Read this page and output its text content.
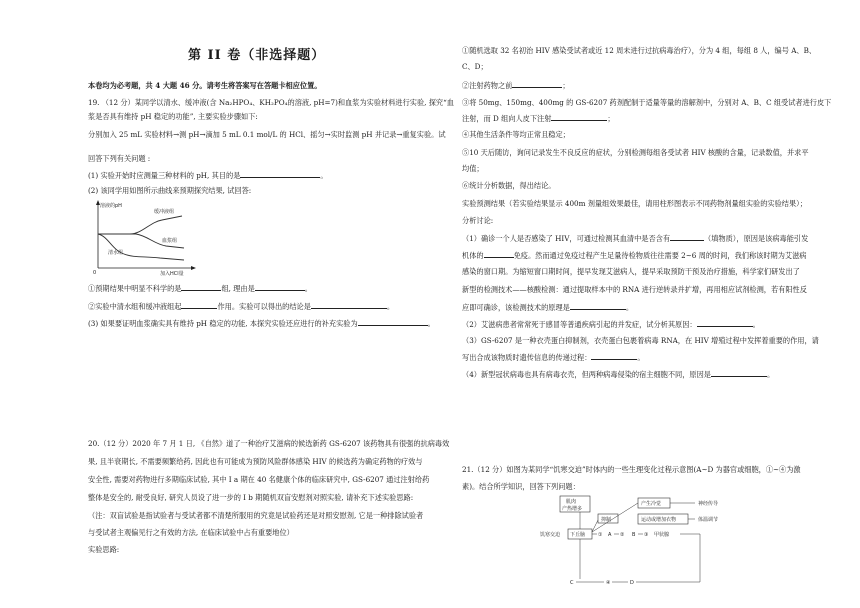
第 II 卷（非选择题）
本卷均为必考题，共 4 大题 46 分。请考生将答案写在答题卡相应位置。
19. （12 分）某同学以清水、缓冲液(含 Na₂HPO₄、KH₂PO₄的溶液, pH=7)和血浆为实验材料进行实验, 探究“血
浆是否具有维持 pH 稳定的功能”, 主要实验步骤如下:
分别加入 25 mL 实验材料→测 pH→滴加 5 mL 0.1 mol/L 的 HCl、摇匀→实时监测 pH 并记录→重复实验。试
回答下列有关问题 :
(1) 实验开始时应测量三种材料的 pH, 其目的是	。
(2) 该同学用如图所示曲线来预期探究结果, 试回答:
溶液的pH
加入HCl量
0
缓冲液组
血浆组
清水组
①预期结果中明显不科学的是	组, 理由是	。
②实验中清水组和缓冲液组起	作用。实验可以得出的结论是	。
(3) 如果要证明血浆确实具有维持 pH 稳定的功能, 本探究实验还应进行的补充实验为	。
20.（12 分）2020 年 7 月 1 日, 《自然》道了一种治疗艾滋病的候选新药 GS-6207 该药物具有很强的抗病毒效
果, 且半衰期长, 不需要频繁给药, 因此也有可能成为预防风险群体感染 HIV 的候选药为确定药物的疗效与
安全性, 需要对药物进行多期临床试验, 其中 Ⅰ a 期在 40 名健康个体的临床研究中, GS-6207 通过注射给药
整体是安全的, 耐受良好, 研究人员设了进一步的 Ⅰ b 期随机双盲安慰剂对照实验, 请补充下述实验思路:
（注：双盲试验是指试验者与受试者都不清楚所服用的究竟是试验药还是对照安慰剂, 它是一种排除试验者
与受试者主观偏见行之有效的方法, 在临床试验中占有重要地位）
实验思路:
①随机选取 32 名初治 HIV 感染受试者或近 12 周未进行过抗病毒治疗），分为 4 组，每组 8 人，编号 A、B、
C、D；
②注射药物之前	；
③将 50mg、150mg、400mg 的 GS-6207 药剂配制于适量等量的溶解剂中，分别对 A、B、C 组受试者进行皮下
注射，而 D 组向人皮下注射	；
④其他生活条件等均正常且稳定；
⑤10 天后随访，询问记录发生不良反应的症状，分别检测每组各受试者 HIV 核酸的含量，记录数值，并求平
均值；
⑥统计分析数据，得出结论。
实验预测结果（若实验结果显示 400m 剂量组效果最佳，请用柱形图表示不同药物剂量组实验的实验结果）；
分析讨论:
（1）确诊一个人是否感染了 HIV，可通过检测其血清中是否含有	（填物质），原因是该病毒能引发
机体的	免疫。然而通过免疫过程产生足量待检物质往往需要 2~6 周的时间，我们称该时期为艾滋病
感染的窗口期。为缩短窗口期时间，提早发现艾滋病人，提早采取预防干预及治疗措施，科学家们研发出了
新型的检测技术——核酸检测：通过提取样本中的 RNA 进行逆转录并扩增，再用相应试剂检测，若有阳性反
应即可确诊，该检测技术的原理是	。
（2）艾滋病患者常常死于感冒等普通疾病引起的并发症，试分析其原因：	。
（3）GS-6207 是一种衣壳蛋白抑制剂，衣壳蛋白包裹着病毒 RNA，在 HIV 增殖过程中发挥着重要的作用，请
写出合成该物质时遗传信息的传递过程：	。
（4）新型冠状病毒也具有病毒衣壳，但两种病毒侵染的宿主细胞不同，原因是	。
21.（12 分）如图为某同学“饥寒交迫”时体内的一些生理变化过程示意图(A~D 为器官或细胞，①~④为激
素)。结合所学知识，回答下列问题：
肌肉
产热增多
产生冷觉
抑制	运动或增加衣物
神经传导
体温调节
饥寒交迫 下丘脑	① A ② B ③ 甲状腺
C	④	D
